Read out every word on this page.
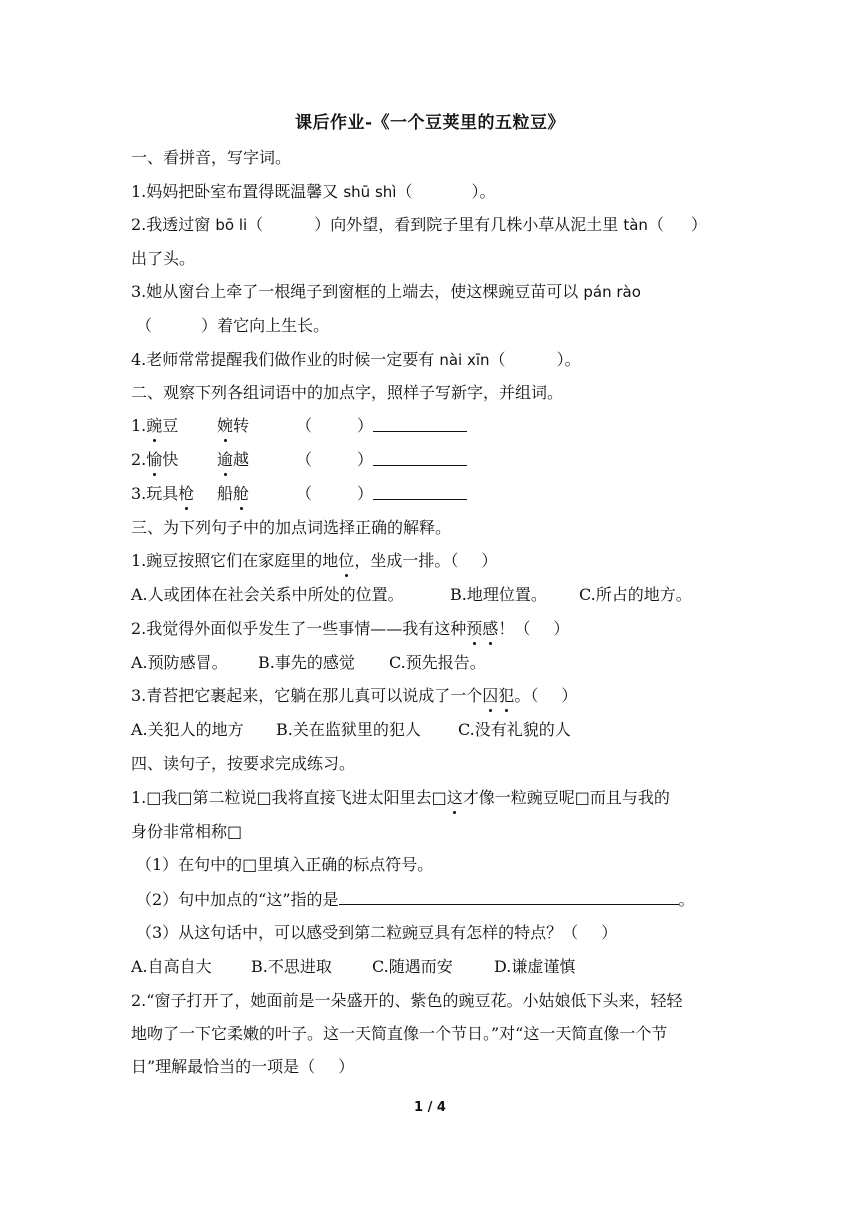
课后作业-《一个豆荚里的五粒豆》
一、看拼音，写字词。
1.妈妈把卧室布置得既温馨又 shū shì（	）。
2.我透过窗 bō li（	）向外望，看到院子里有几株小草从泥土里 tàn（ ）
出了头。
3.她从窗台上牵了一根绳子到窗框的上端去，使这棵豌豆苗可以 pán rào
（	）着它向上生长。
4.老师常常提醒我们做作业的时候一定要有 nài xīn（	）。
二、观察下列各组词语中的加点字，照样子写新字，并组词。
1.豌豆 婉转	（	）
2.愉快 逾越	（	）
3.玩具枪 船舱	（	）
三、为下列句子中的加点词选择正确的解释。
1.豌豆按照它们在家庭里的地位，坐成一排。（ ）
A.人或团体在社会关系中所处的位置。	B.地理位置。 C.所占的地方。
2.我觉得外面似乎发生了一些事情——我有这种预感！（ ）
A.预防感冒。 B.事先的感觉 C.预先报告。
3.青苔把它裹起来，它躺在那儿真可以说成了一个囚犯。（ ）
A.关犯人的地方 B.关在监狱里的犯人 C.没有礼貌的人
四、读句子，按要求完成练习。
1.□我□第二粒说□我将直接飞进太阳里去□这才像一粒豌豆呢□而且与我的
身份非常相称□
（1）在句中的□里填入正确的标点符号。
（2）句中加点的“这”指的是	。
（3）从这句话中，可以感受到第二粒豌豆具有怎样的特点？（ ）
A.自高自大 B.不思进取	C.随遇而安	D.谦虚谨慎
2.“窗子打开了，她面前是一朵盛开的、紫色的豌豆花。小姑娘低下头来，轻轻
地吻了一下它柔嫩的叶子。这一天简直像一个节日。”对“这一天简直像一个节
日”理解最恰当的一项是（ ）
1 / 4
